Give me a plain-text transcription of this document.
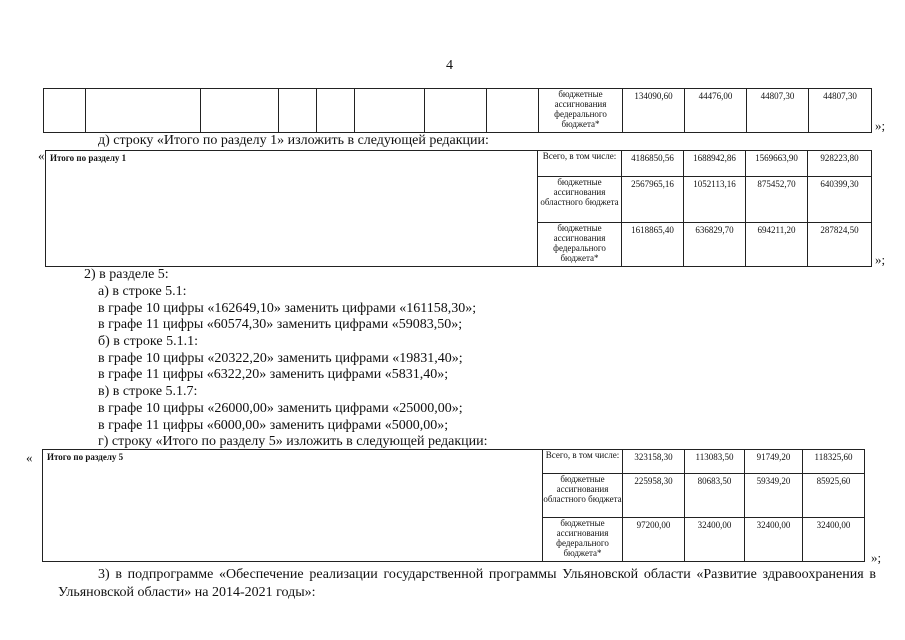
4
								бюджетные ассигнования федерального бюджета*	134090,60	44476,00	44807,30	44807,30
»;
д) строку «Итого по разделу 1» изложить в следующей редакции:
« Итого по разделу 1	Всего, в том числе:	4186850,56	1688942,86	1569663,90	928223,80
	бюджетные ассигнования областного бюджета	2567965,16	1052113,16	875452,70	640399,30
	бюджетные ассигнования федерального бюджета*	1618865,40	636829,70	694211,20	287824,50
»;
2) в разделе 5:
а) в строке 5.1:
в графе 10 цифры «162649,10» заменить цифрами «161158,30»;
в графе 11 цифры «60574,30» заменить цифрами «59083,50»;
б) в строке 5.1.1:
в графе 10 цифры «20322,20» заменить цифрами «19831,40»;
в графе 11 цифры «6322,20» заменить цифрами «5831,40»;
в) в строке 5.1.7:
в графе 10 цифры «26000,00» заменить цифрами «25000,00»;
в графе 11 цифры «6000,00» заменить цифрами «5000,00»;
г) строку «Итого по разделу 5» изложить в следующей редакции:
« Итого по разделу 5	Всего, в том числе:	323158,30	113083,50	91749,20	118325,60
	бюджетные ассигнования областного бюджета	225958,30	80683,50	59349,20	85925,60
	бюджетные ассигнования федерального бюджета*	97200,00	32400,00	32400,00	32400,00
»;
3) в подпрограмме «Обеспечение реализации государственной программы Ульяновской области «Развитие здравоохранения в Ульяновской области» на 2014-2021 годы»:
